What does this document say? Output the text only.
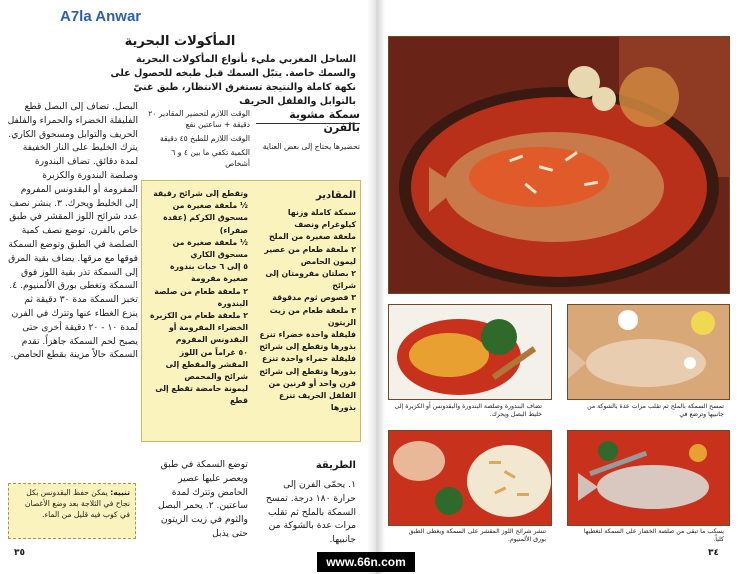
A7la Anwar
المأكولات البحرية
الساحل المغربي مليء بأنواع المأكولات البحرية والسمك خاصة. يتبّل السمك قبل طبخه للحصول على نكهة كاملة والنتيجة تستغرق الانتظار، طبق غنيّ بالتوابل والفلفل الحريف
سمكة مشوية بالفرن
تحضيرها يحتاج إلى بعض العناية
الوقت اللازم لتحضير المقادير ٢٠ دقيقة + ساعتين نقع
الوقت اللازم للطبخ ٤٥ دقيقة
الكمية تكفي ما بين ٤ و ٦ أشخاص
المقادير
سمكة كاملة وزنها كيلوغرام ونصف
ملعقة صغيرة من الملح
٢ ملعقة طعام من عصير ليمون الحامض
٢ بصلتان مفرومتان إلى شرائح
٣ فصوص ثوم مدقوقة
٣ ملعقة طعام من زيت الزيتون
فليفلة واحدة خضراء تنزع بذورها وتقطع إلى شرائح
فليفلة حمراء واحدة تنزع بذورها وتقطع إلى شرائح
قرن واحد أو قرنين من الفلفل الحريف تنزع بذورها
وتقطع إلى شرائح رقيقة
½ ملعقة صغيرة من مسحوق الكركم (عقدة صفراء)
½ ملعقة صغيرة من مسحوق الكاري
٥ إلى ٦ حبات بندورة صغيرة مفرومة
٢ ملعقة طعام من صلصة البندورة
٢ ملعقة طعام من الكزبرة الخضراء المفرومة أو البقدونس المفروم
٥٠ غراماً من اللوز المقشر والمقطع إلى شرائح والمحمص
ليمونة حامضة تقطع إلى قطع
الطريقة
١. يحمّى الفرن إلى حرارة ١٨٠ درجة. تمسح السمكة بالملح ثم تقلب مرات عدة بالشوكة من جانبيها.
توضع السمكة في طبق ويعصر عليها عصير الحامض وتترك لمدة ساعتين. ٢. يحمر البصل والثوم في زيت الزيتون حتى يذبل
البصل. تضاف إلى البصل قطع الفليفلة الخضراء والحمراء والفلفل الحريف والتوابل ومسحوق الكاري. يترك الخليط على النار الخفيفة لمدة دقائق. تضاف البندورة وصلصة البندورة والكزبرة المفرومة أو البقدونس المفروم إلى الخليط ويحرك. ٣. ينشر نصف عدد شرائح اللوز المقشر في طبق خاص بالفرن. توضع نصف كمية الصلصة في الطبق وتوضع السمكة فوقها مع مرقها. يضاف بقية المرق إلى السمكة تذر بقية اللوز فوق السمكة وتغطى بورق الألمنيوم. ٤. تخبز السمكة مدة ٣٠ دقيقة ثم ينزع الغطاء عنها وتترك في الفرن لمدة ١٠ - ٢٠ دقيقة أخرى حتى يصبح لحم السمكة جاهزاً. تقدم السمكة حالاً مزينة بقطع الحامض.
تنبيه: يمكن حفظ البقدونس بكل نجاح في الثلاجة بعد وضع الأغصان في كوب فيه قليل من الماء.
٣٥
تضاف البندورة وصلصة البندورة والبقدونس أو الكزبرة إلى خليط البصل ويحرك.
تمسح السمكة بالملح ثم تقلب مرات عدة بالشوكة من جانبيها وترضع في
تنشر شرائح اللوز المقشر على السمكة ويغطى الطبق بورق الألمنيوم.
يسكب ما تبقى من صلصة الخضار على السمكة لتغطيها كلياً.
٣٤
www.66n.com
